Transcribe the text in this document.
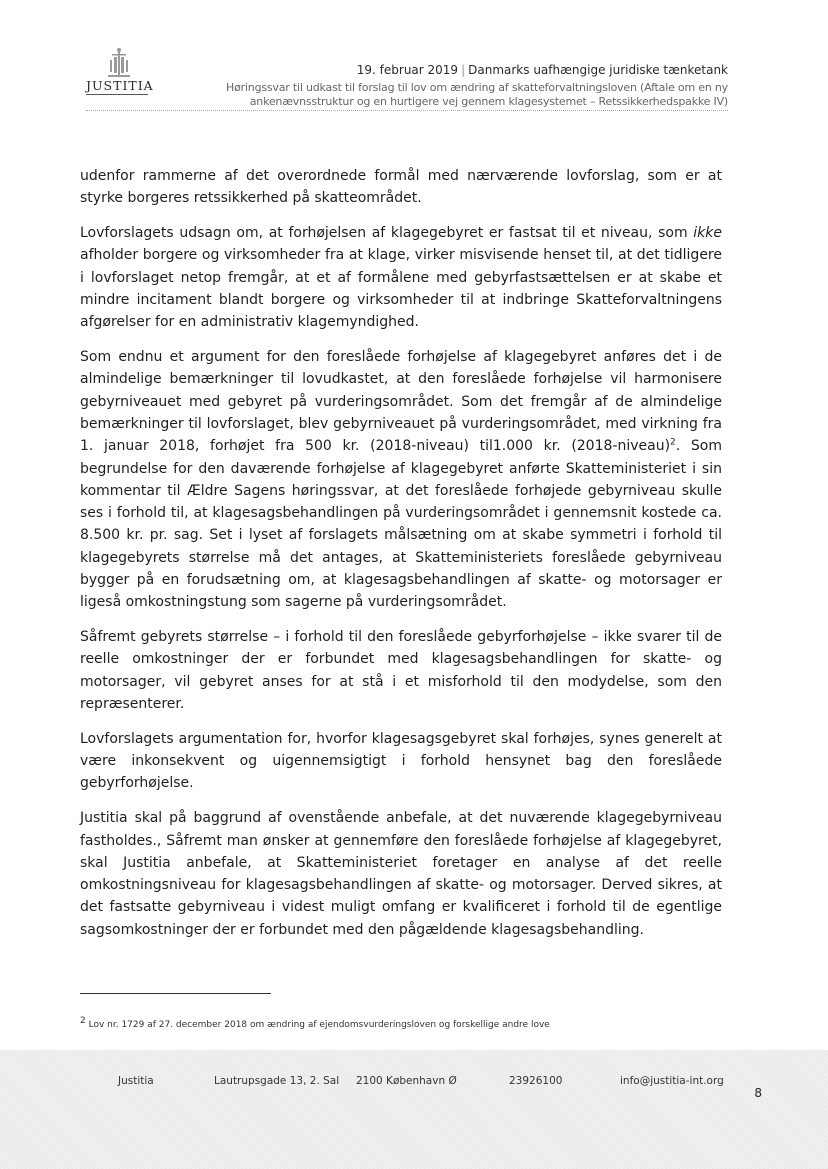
JUSTITIA
19. februar 2019 | Danmarks uafhængige juridiske tænketank
Høringssvar til udkast til forslag til lov om ændring af skatteforvaltningsloven (Aftale om en ny
ankenævnsstruktur og en hurtigere vej gennem klagesystemet – Retssikkerhedspakke IV)

udenfor rammerne af det overordnede formål med nærværende lovforslag, som er at styrke borgeres retssikkerhed på skatteområdet.

Lovforslagets udsagn om, at forhøjelsen af klagegebyret er fastsat til et niveau, som ikke afholder borgere og virksomheder fra at klage, virker misvisende henset til, at det tidligere i lovforslaget netop fremgår, at et af formålene med gebyrfastsættelsen er at skabe et mindre incitament blandt borgere og virksomheder til at indbringe Skatteforvaltningens afgørelser for en administrativ klagemyndighed.

Som endnu et argument for den foreslåede forhøjelse af klagegebyret anføres det i de almindelige bemærkninger til lovudkastet, at den foreslåede forhøjelse vil harmonisere gebyrniveauet med gebyret på vurderingsområdet. Som det fremgår af de almindelige bemærkninger til lovforslaget, blev gebyrniveauet på vurderingsområdet, med virkning fra 1. januar 2018, forhøjet fra 500 kr. (2018-niveau) til1.000 kr. (2018-niveau)$^2$. Som begrundelse for den daværende forhøjelse af klagegebyret anførte Skatteministeriet i sin kommentar til Ældre Sagens høringssvar, at det foreslåede forhøjede gebyrniveau skulle ses i forhold til, at klagesagsbehandlingen på vurderingsområdet i gennemsnit kostede ca. 8.500 kr. pr. sag. Set i lyset af forslagets målsætning om at skabe symmetri i forhold til klagegebyrets størrelse må det antages, at Skatteministeriets foreslåede gebyrniveau bygger på en forudsætning om, at klagesagsbehandlingen af skatte- og motorsager er ligeså omkostningstung som sagerne på vurderingsområdet.

Såfremt gebyrets størrelse – i forhold til den foreslåede gebyrforhøjelse – ikke svarer til de reelle omkostninger der er forbundet med klagesagsbehandlingen for skatte- og motorsager, vil gebyret anses for at stå i et misforhold til den modydelse, som den repræsenterer.

Lovforslagets argumentation for, hvorfor klagesagsgebyret skal forhøjes, synes generelt at være inkonsekvent og uigennemsigtigt i forhold hensynet bag den foreslåede gebyrforhøjelse.

Justitia skal på baggrund af ovenstående anbefale, at det nuværende klagegebyrniveau fastholdes., Såfremt man ønsker at gennemføre den foreslåede forhøjelse af klagegebyret, skal Justitia anbefale, at Skatteministeriet foretager en analyse af det reelle omkostningsniveau for klagesagsbehandlingen af skatte- og motorsager. Derved sikres, at det fastsatte gebyrniveau i videst muligt omfang er kvalificeret i forhold til de egentlige sagsomkostninger der er forbundet med den pågældende klagesagsbehandling.

$^2$ Lov nr. 1729 af 27. december 2018 om ændring af ejendomsvurderingsloven og forskellige andre love
Justitia	Lautrupsgade 13, 2. Sal 2100 København Ø	23926100	info@justitia-int.org
8
